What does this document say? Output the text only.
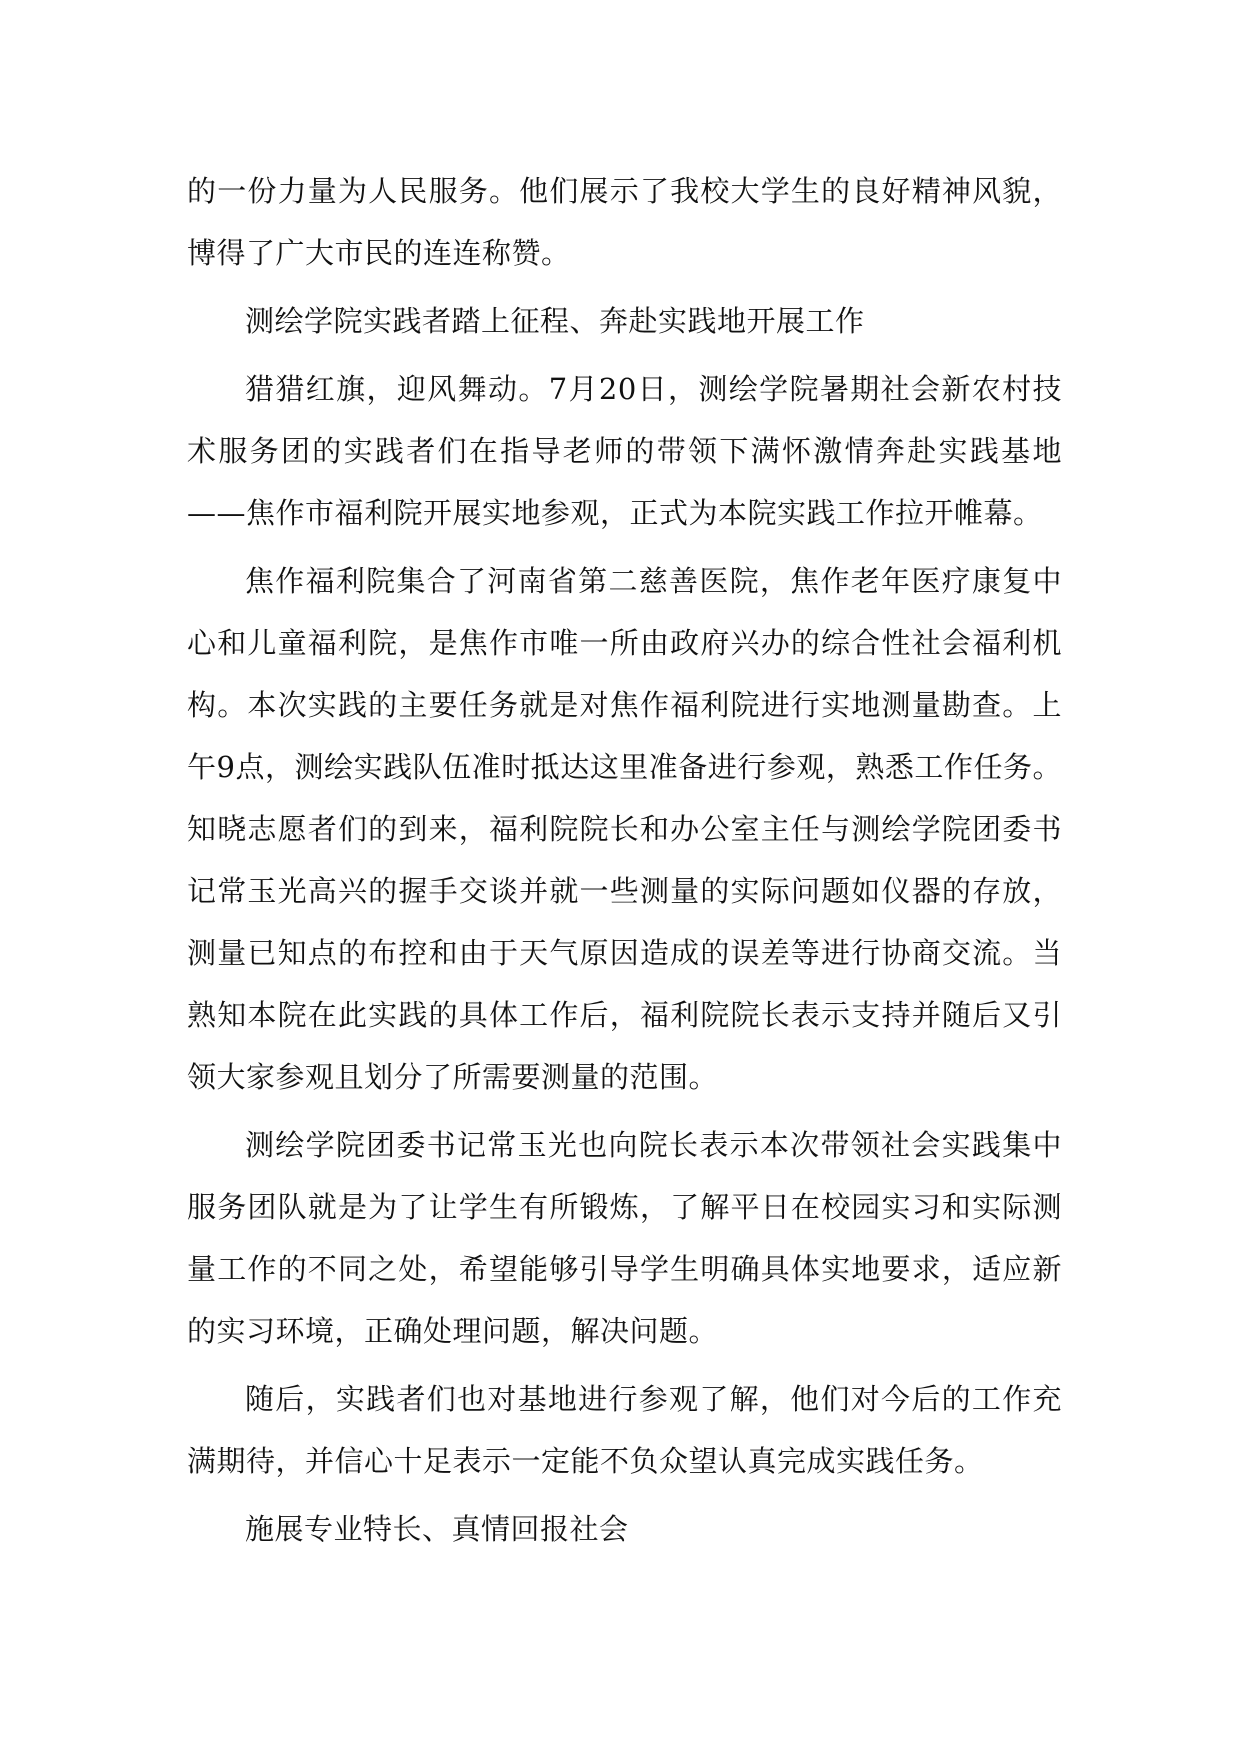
的一份力量为人民服务。他们展示了我校大学生的良好精神风貌，博得了广大市民的连连称赞。

测绘学院实践者踏上征程、奔赴实践地开展工作

猎猎红旗，迎风舞动。7月20日，测绘学院暑期社会新农村技术服务团的实践者们在指导老师的带领下满怀激情奔赴实践基地——焦作市福利院开展实地参观，正式为本院实践工作拉开帷幕。

焦作福利院集合了河南省第二慈善医院，焦作老年医疗康复中心和儿童福利院，是焦作市唯一所由政府兴办的综合性社会福利机构。本次实践的主要任务就是对焦作福利院进行实地测量勘查。上午9点，测绘实践队伍准时抵达这里准备进行参观，熟悉工作任务。知晓志愿者们的到来，福利院院长和办公室主任与测绘学院团委书记常玉光高兴的握手交谈并就一些测量的实际问题如仪器的存放，测量已知点的布控和由于天气原因造成的误差等进行协商交流。当熟知本院在此实践的具体工作后，福利院院长表示支持并随后又引领大家参观且划分了所需要测量的范围。

测绘学院团委书记常玉光也向院长表示本次带领社会实践集中服务团队就是为了让学生有所锻炼，了解平日在校园实习和实际测量工作的不同之处，希望能够引导学生明确具体实地要求，适应新的实习环境，正确处理问题，解决问题。

随后，实践者们也对基地进行参观了解，他们对今后的工作充满期待，并信心十足表示一定能不负众望认真完成实践任务。

施展专业特长、真情回报社会
